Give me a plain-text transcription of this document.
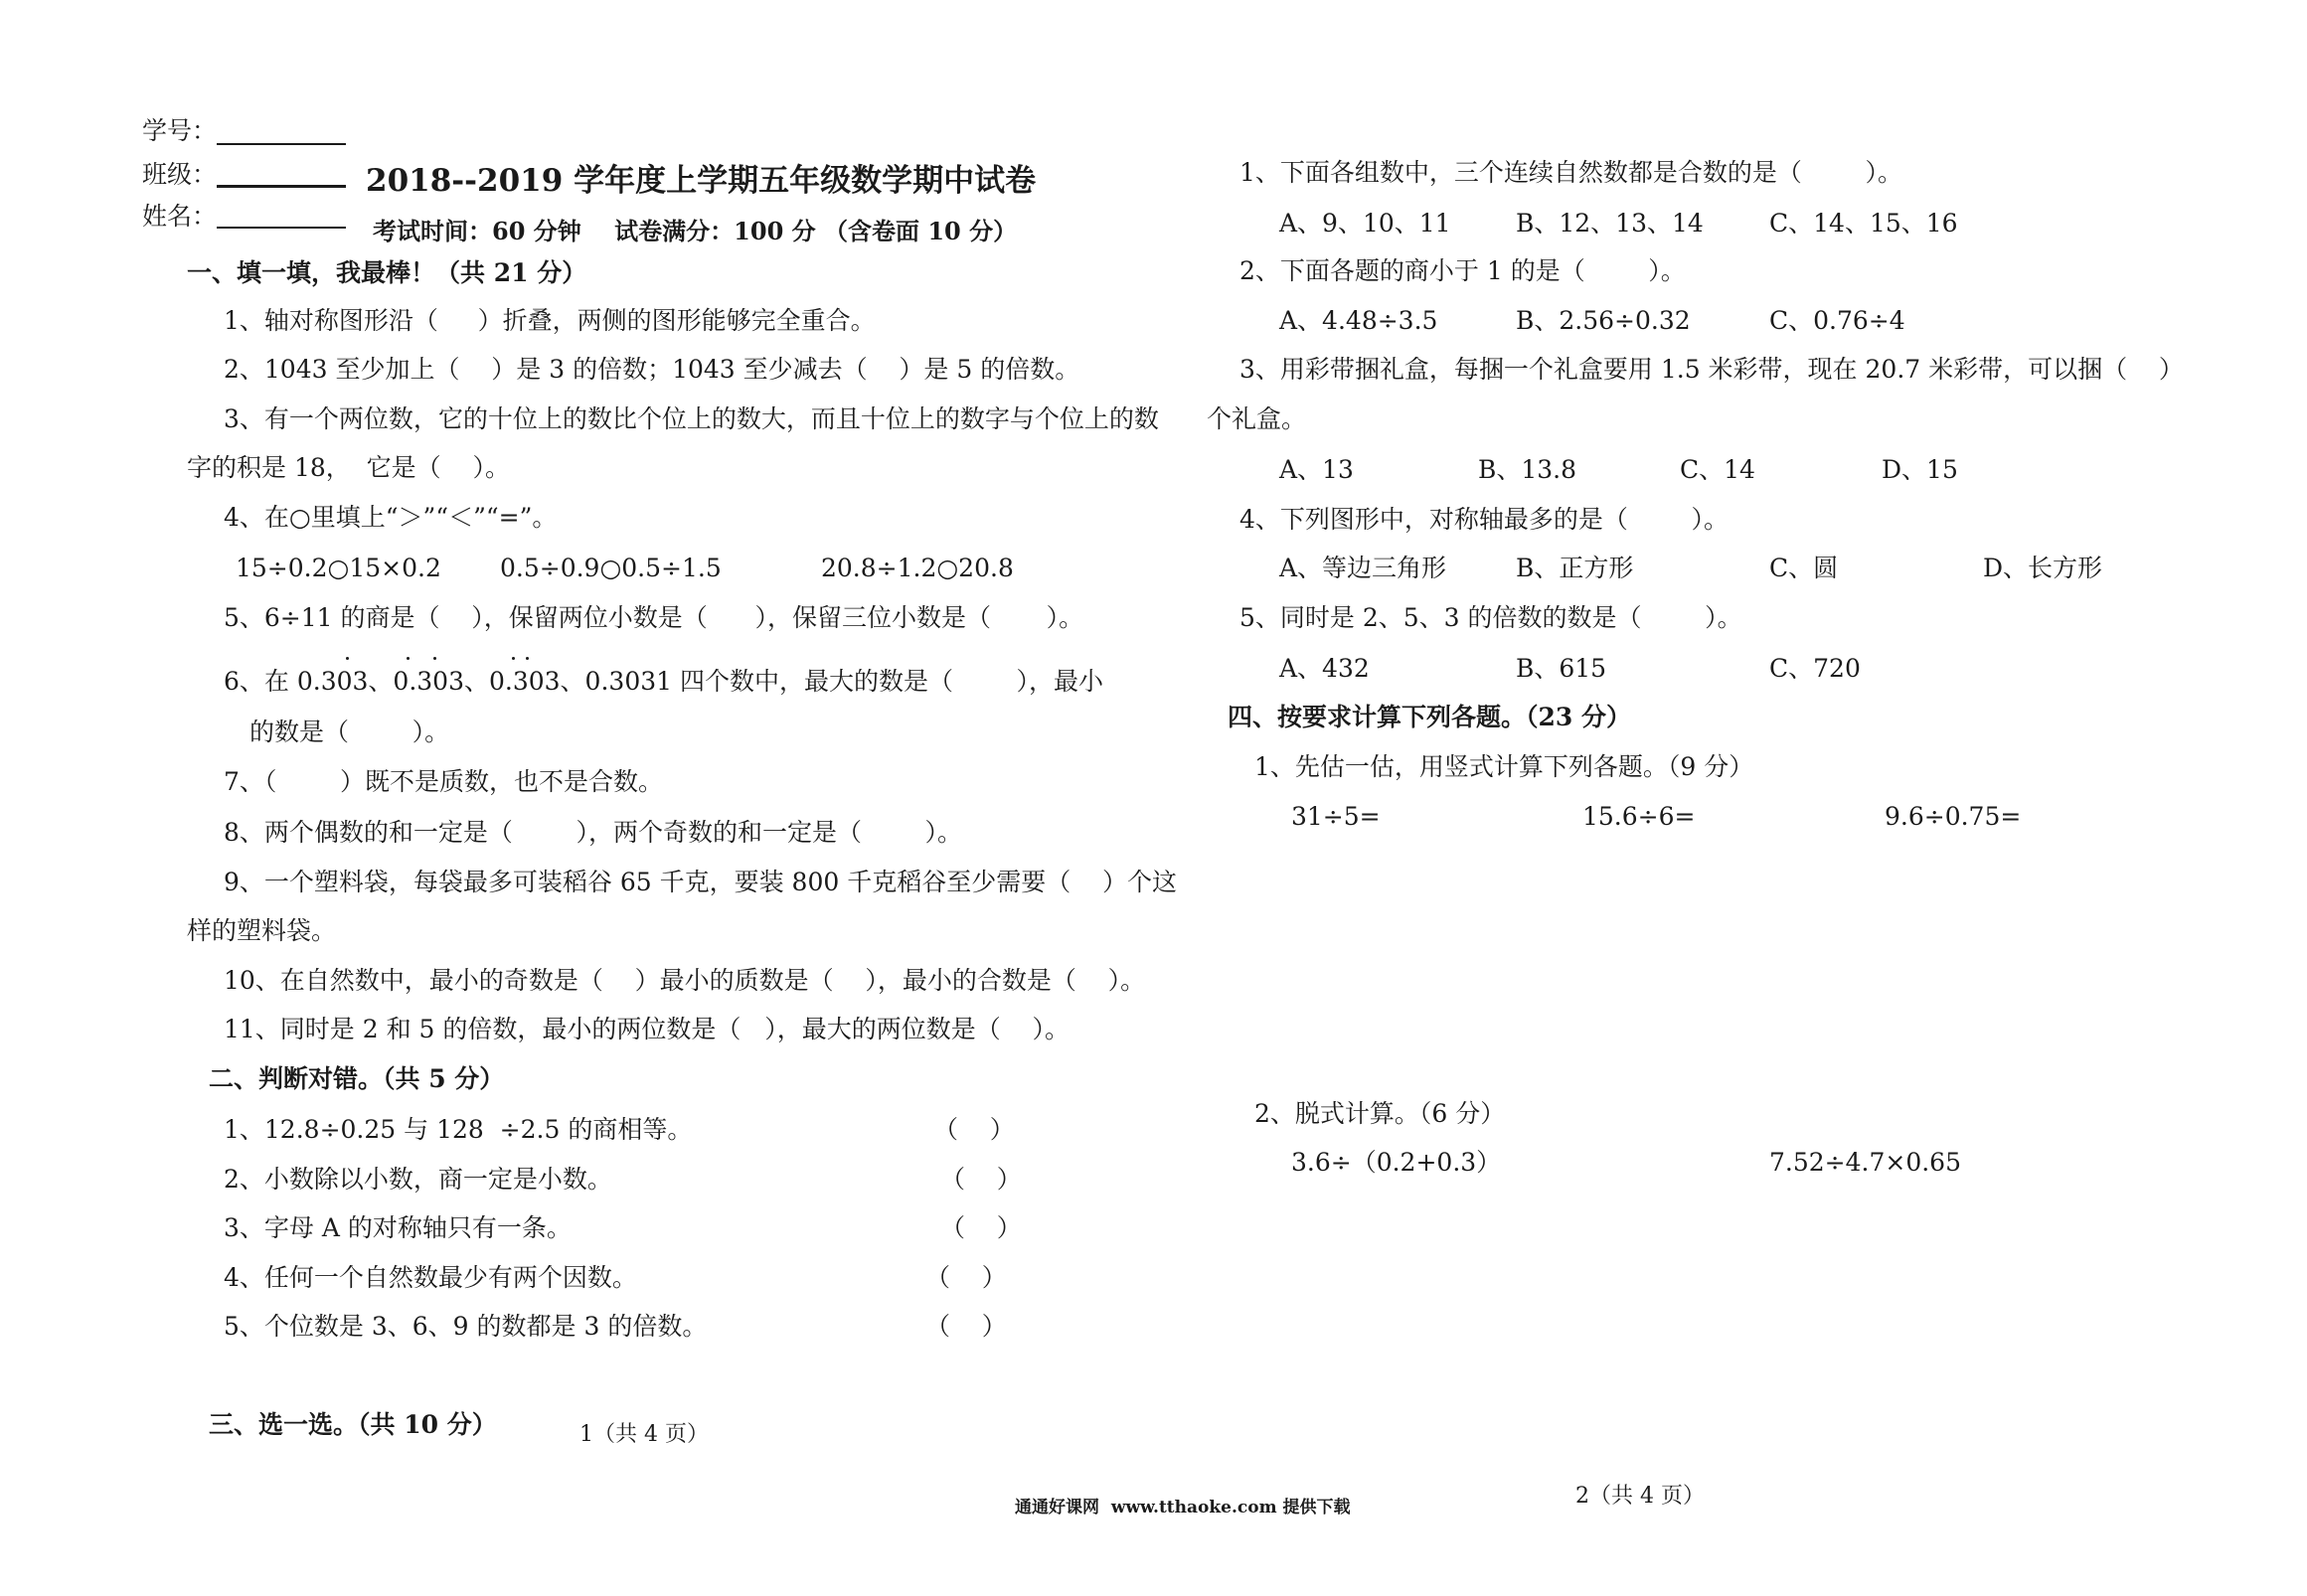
学号：
班级：	2018--2019 学年度上学期五年级数学期中试卷
姓名：
考试时间：60 分钟    试卷满分：100 分 （含卷面 10 分）
一、填一填，我最棒！（共 21 分）
1、轴对称图形沿（     ）折叠，两侧的图形能够完全重合。
2、1043 至少加上（    ）是 3 的倍数；1043 至少减去（    ）是 5 的倍数。
3、有一个两位数，它的十位上的数比个位上的数大，而且十位上的数字与个位上的数
字的积是 18，  它是（    ）。
4、在○里填上“＞”“＜”“=”。
15÷0.2○15×0.2 0.5÷0.9○0.5÷1.5	20.8÷1.2○20.8
5、6÷11 的商是（    ），保留两位小数是（      ），保留三位小数是（       ）。
6、在 0.303、0.303、0.303、0.3031 四个数中，最大的数是（        ），最小
的数是（        ）。
7、（        ）既不是质数，也不是合数。
8、两个偶数的和一定是（        ），两个奇数的和一定是（        ）。
9、一个塑料袋，每袋最多可装稻谷 65 千克，要装 800 千克稻谷至少需要（    ）个这
样的塑料袋。
10、在自然数中，最小的奇数是（    ）最小的质数是（    ），最小的合数是（    ）。
11、同时是 2 和 5 的倍数，最小的两位数是（   ），最大的两位数是（    ）。
二、判断对错。（共 5 分）
1、12.8÷0.25 与 128  ÷2.5 的商相等。	（    ）
2、小数除以小数，商一定是小数。	（    ）
3、字母 A 的对称轴只有一条。	（    ）
4、任何一个自然数最少有两个因数。	（    ）
5、个位数是 3、6、9 的数都是 3 的倍数。	（    ）
三、选一选。（共 10 分）	1（共 4 页）
1、下面各组数中，三个连续自然数都是合数的是（        ）。
A、9、10、11	B、12、13、14	C、14、15、16
2、下面各题的商小于 1 的是（        ）。
A、4.48÷3.5	B、2.56÷0.32	C、0.76÷4
3、用彩带捆礼盒，每捆一个礼盒要用 1.5 米彩带，现在 20.7 米彩带，可以捆（    ）
个礼盒。
A、13	B、13.8	C、14	D、15
4、下列图形中，对称轴最多的是（        ）。
A、等边三角形	B、正方形	C、圆	D、长方形
5、同时是 2、5、3 的倍数的数是（        ）。
A、432	B、615	C、720
四、按要求计算下列各题。（23 分）
1、先估一估，用竖式计算下列各题。（9 分）
31÷5=	15.6÷6=	9.6÷0.75=
2、脱式计算。（6 分）
3.6÷（0.2+0.3）	7.52÷4.7×0.65
通通好课网  www.tthaoke.com 提供下载	2（共 4 页）
